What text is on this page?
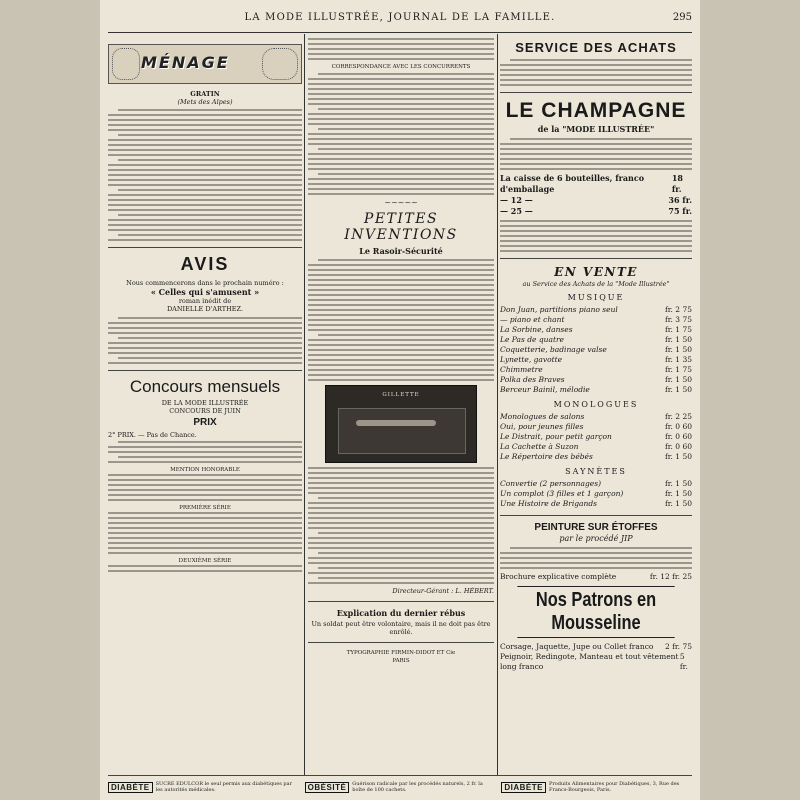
LA MODE ILLUSTRÉE, JOURNAL DE LA FAMILLE.	295
MÉNAGE
GRATIN
(Mets des Alpes)
AVIS
Nous commencerons dans le prochain numéro :
« Celles qui s'amusent »
roman inédit de
DANIELLE D'ARTHEZ.
Concours mensuels
DE LA MODE ILLUSTRÉE
CONCOURS DE JUIN
PRIX
2° PRIX. — Pas de Chance.
MENTION HONORABLE
PREMIÈRE SÉRIE
DEUXIÈME SÉRIE
CORRESPONDANCE AVEC LES CONCURRENTS
~~~~~
PETITES INVENTIONS
Le Rasoir-Sécurité
GILLETTE
Directeur-Gérant : L. HÉBERT.
Explication du dernier rébus
Un soldat peut être volontaire, mais il ne doit pas être enrôlé.
TYPOGRAPHIE FIRMIN-DIDOT ET Cie
PARIS
SERVICE DES ACHATS
LE CHAMPAGNE
de la "MODE ILLUSTRÉE"
La caisse de 6 bouteilles, franco d'emballage
18 fr.
— 12 —	36 fr.
— 25 —	75 fr.
EN VENTE
au Service des Achats de la "Mode Illustrée"
MUSIQUE
Don Juan, partitions piano seul	fr. 2 75
— piano et chant	fr. 3 75
La Sorbine, danses	fr. 1 75
Le Pas de quatre	fr. 1 50
Coquetterie, badinage valse	fr. 1 50
Lynette, gavotte	fr. 1 35
Chimmetre	fr. 1 75
Polka des Braves	fr. 1 50
Berceur Bainil, mélodie	fr. 1 50
MONOLOGUES
Monologues de salons	fr. 2 25
Oui, pour jeunes filles	fr. 0 60
Le Distrait, pour petit garçon	fr. 0 60
La Cachette à Suzon	fr. 0 60
Le Répertoire des bébés	fr. 1 50
SAYNÈTES
Convertie (2 personnages)	fr. 1 50
Un complot (3 filles et 1 garçon)	fr. 1 50
Une Histoire de Brigands	fr. 1 50
PEINTURE SUR ÉTOFFES
par le procédé JIP
Brochure explicative complète	fr. 12 fr. 25
Nos Patrons en Mousseline
Corsage, Jaquette, Jupe ou Collet franco 2 fr. 75
Peignoir, Redingote, Manteau et tout vêtement long franco
5 fr.
DIABÈTE	SUCRE EDULCOR le seul permis aux diabétiques par les autorités médicales.	OBÉSITÉ	Guérison radicale par les procédés naturels, 2 fr. la boîte de 100 cachets.	DIABÈTE	Produits Alimentaires pour Diabétiques, 3, Rue des Francs-Bourgeois, Paris.
